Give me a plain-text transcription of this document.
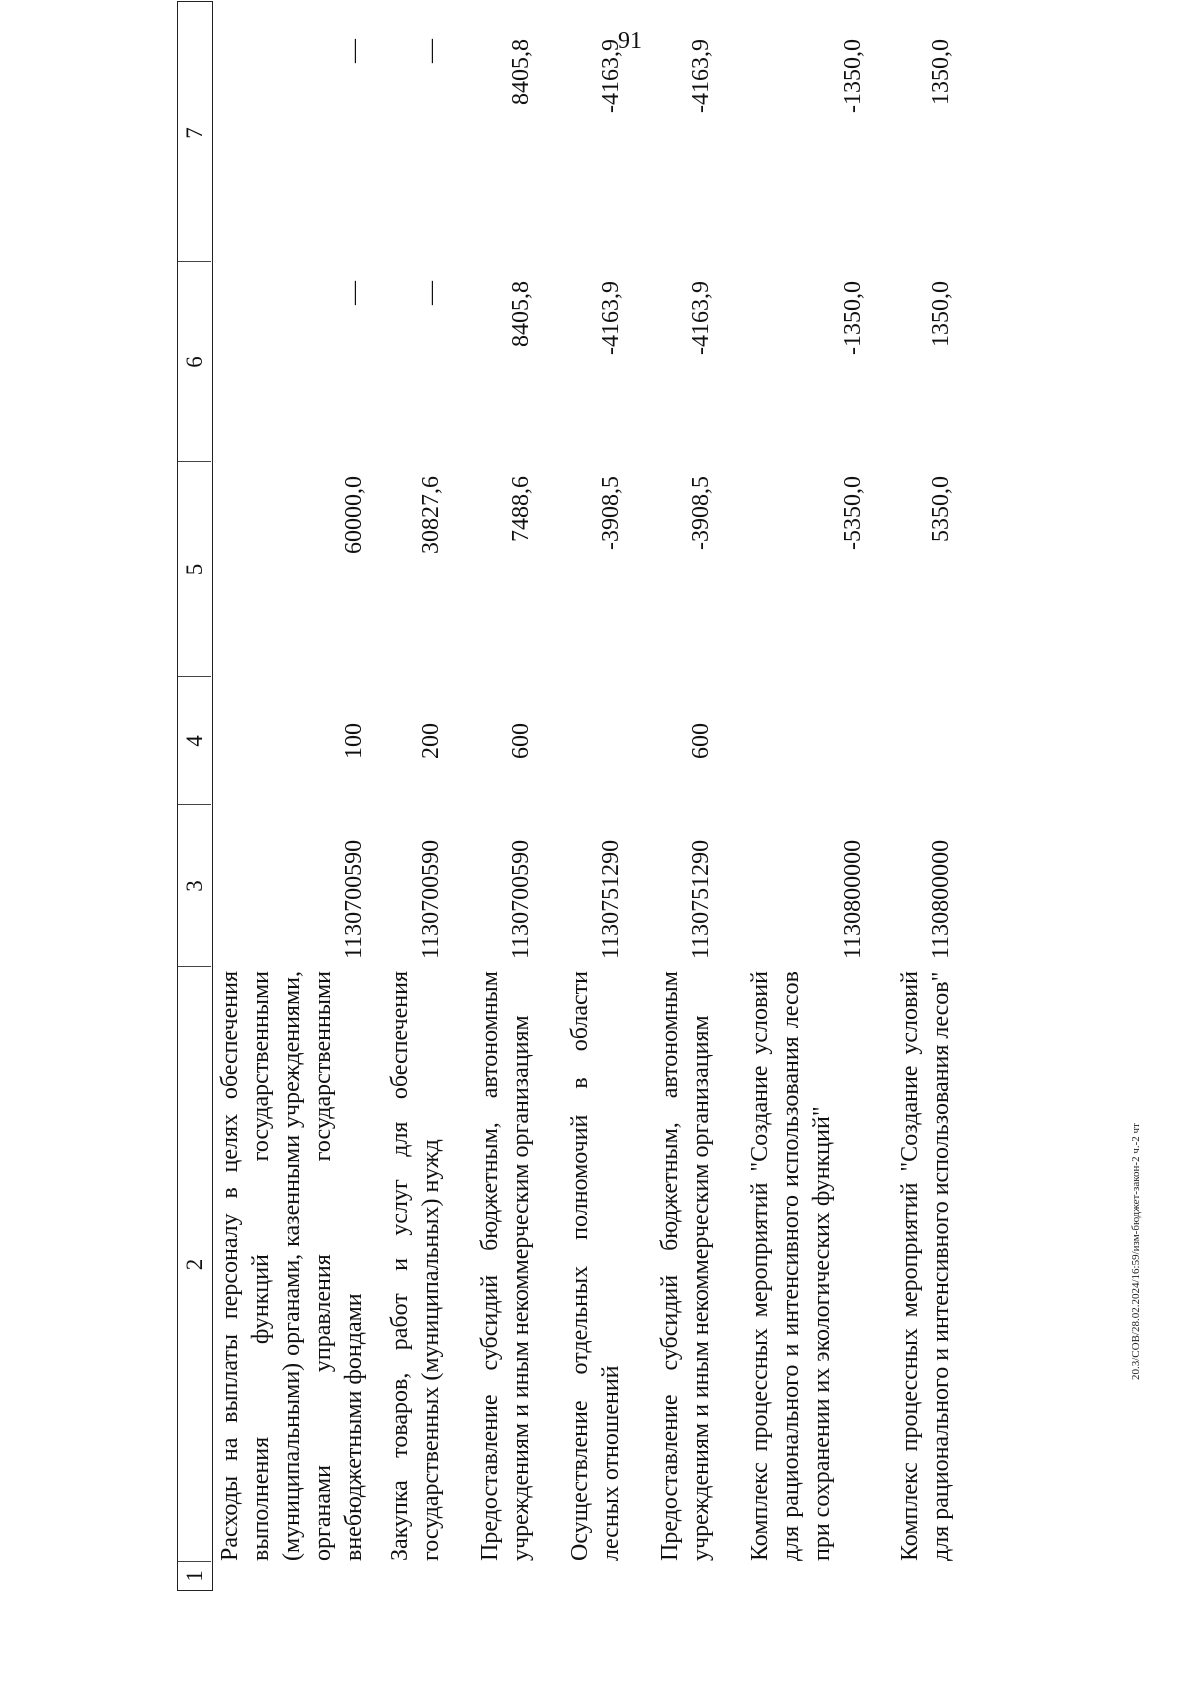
91
1
2
3
4
5
6
7
Расходы на выплаты персоналу в целях обеспечения выполнения функций государственными (муниципальными) органами, казенными учреждениями, органами управления государственными внебюджетными фондами
1130700590
100
60000,0
—
—
Закупка товаров, работ и услуг для обеспечения государственных (муниципальных) нужд
1130700590
200
30827,6
—
—
Предоставление субсидий бюджетным, автономным учреждениям и иным некоммерческим организациям
1130700590
600
7488,6
8405,8
8405,8
Осуществление отдельных полномочий в области лесных отношений
1130751290
-3908,5
-4163,9
-4163,9
Предоставление субсидий бюджетным, автономным учреждениям и иным некоммерческим организациям
1130751290
600
-3908,5
-4163,9
-4163,9
Комплекс процессных мероприятий "Создание условий для рационального и интенсивного использования лесов при сохранении их экологических функций"
1130800000
-5350,0
-1350,0
-1350,0
Комплекс процессных мероприятий "Создание условий для рационального и интенсивного использования лесов"
1130800000
5350,0
1350,0
1350,0
20.3/СОВ/28.02.2024/16:59/изм-бюджет-закон-2 ч.-2 чт
